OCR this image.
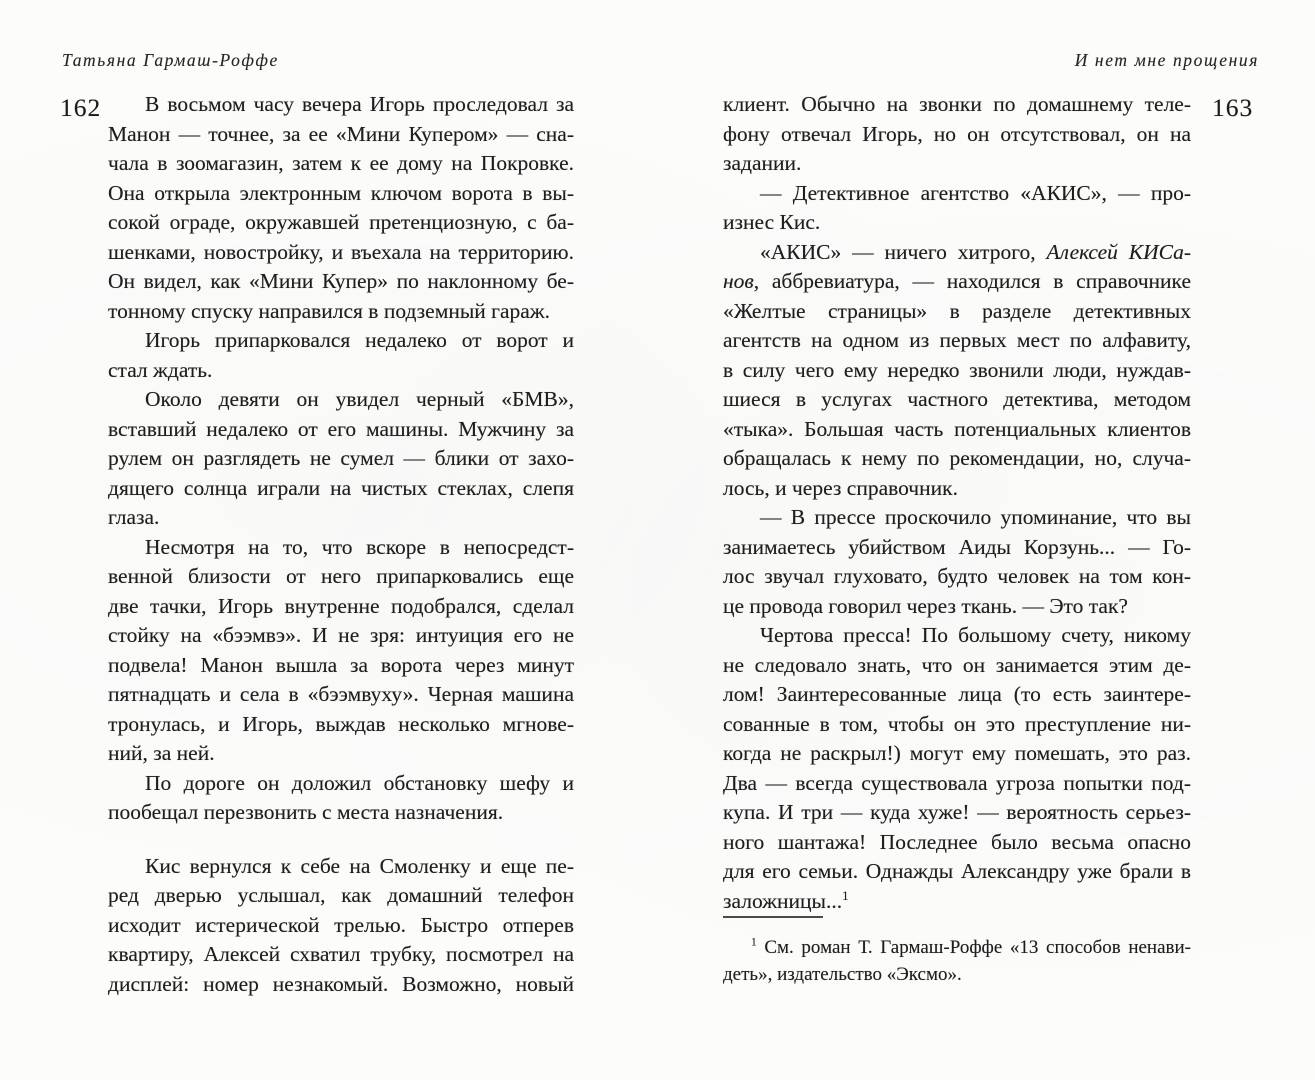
Татьяна Гармаш-Роффе
162	В восьмом часу вечера Игорь проследовал за
Манон — точнее, за ее «Мини Купером» — сна-
чала в зоомагазин, затем к ее дому на Покровке.
Она открыла электронным ключом ворота в вы-
сокой ограде, окружавшей претенциозную, с ба-
шенками, новостройку, и въехала на территорию.
Он видел, как «Мини Купер» по наклонному бе-
тонному спуску направился в подземный гараж.
Игорь припарковался недалеко от ворот и
стал ждать.
Около девяти он увидел черный «БМВ»,
вставший недалеко от его машины. Мужчину за
рулем он разглядеть не сумел — блики от захо-
дящего солнца играли на чистых стеклах, слепя
глаза.
Несмотря на то, что вскоре в непосредст-
венной близости от него припарковались еще
две тачки, Игорь внутренне подобрался, сделал
стойку на «бээмвэ». И не зря: интуиция его не
подвела! Манон вышла за ворота через минут
пятнадцать и села в «бээмвуху». Черная машина
тронулась, и Игорь, выждав несколько мгнове-
ний, за ней.
По дороге он доложил обстановку шефу и
пообещал перезвонить с места назначения.
Кис вернулся к себе на Смоленку и еще пе-
ред дверью услышал, как домашний телефон
исходит истерической трелью. Быстро отперев
квартиру, Алексей схватил трубку, посмотрел на
дисплей: номер незнакомый. Возможно, новый
И нет мне прощения
163
клиент. Обычно на звонки по домашнему теле-
фону отвечал Игорь, но он отсутствовал, он на
задании.
— Детективное агентство «АКИС», — про-
изнес Кис.
«АКИС» — ничего хитрого, Алексей КИСа-
нов, аббревиатура, — находился в справочнике
«Желтые страницы» в разделе детективных
агентств на одном из первых мест по алфавиту,
в силу чего ему нередко звонили люди, нуждав-
шиеся в услугах частного детектива, методом
«тыка». Большая часть потенциальных клиентов
обращалась к нему по рекомендации, но, случа-
лось, и через справочник.
— В прессе проскочило упоминание, что вы
занимаетесь убийством Аиды Корзунь... — Го-
лос звучал глуховато, будто человек на том кон-
це провода говорил через ткань. — Это так?
Чертова пресса! По большому счету, никому
не следовало знать, что он занимается этим де-
лом! Заинтересованные лица (то есть заинтере-
сованные в том, чтобы он это преступление ни-
когда не раскрыл!) могут ему помешать, это раз.
Два — всегда существовала угроза попытки под-
купа. И три — куда хуже! — вероятность серьез-
ного шантажа! Последнее было весьма опасно
для его семьи. Однажды Александру уже брали в
заложницы...$^1$
$^1$ См. роман Т. Гармаш-Роффе «13 способов ненави-
деть», издательство «Эксмо».
